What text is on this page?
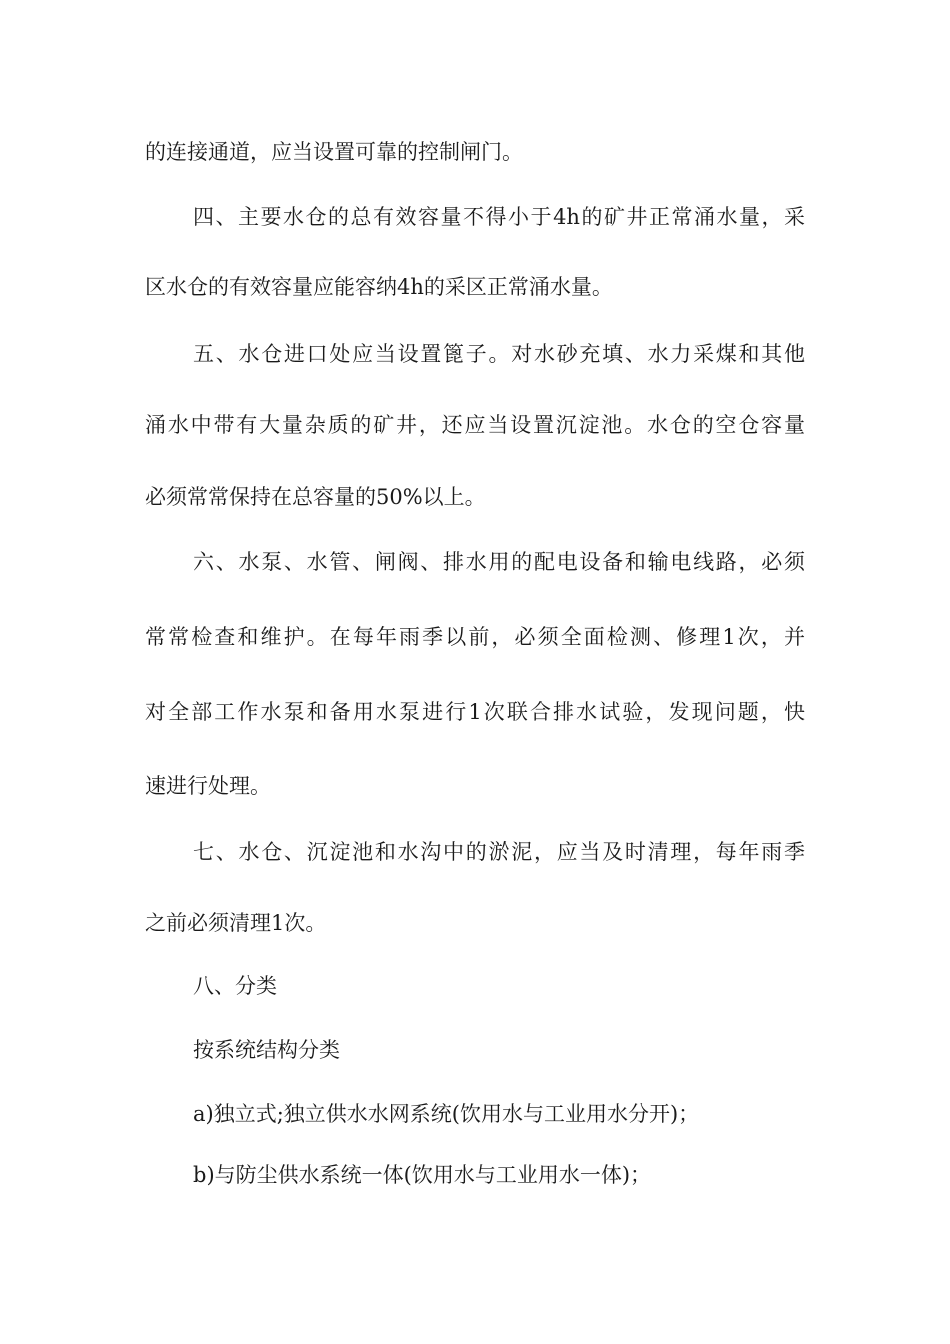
的连接通道，应当设置可靠的控制闸门。
四、主要水仓的总有效容量不得小于4h的矿井正常涌水量，采
区水仓的有效容量应能容纳4h的采区正常涌水量。
五、水仓进口处应当设置篦子。对水砂充填、水力采煤和其他
涌水中带有大量杂质的矿井，还应当设置沉淀池。水仓的空仓容量
必须常常保持在总容量的50%以上。
六、水泵、水管、闸阀、排水用的配电设备和输电线路，必须
常常检查和维护。在每年雨季以前，必须全面检测、修理1次，并
对全部工作水泵和备用水泵进行1次联合排水试验，发现问题，快
速进行处理。
七、水仓、沉淀池和水沟中的淤泥，应当及时清理，每年雨季
之前必须清理1次。
八、分类
按系统结构分类
a)独立式;独立供水水网系统(饮用水与工业用水分开)；
b)与防尘供水系统一体(饮用水与工业用水一体)；
